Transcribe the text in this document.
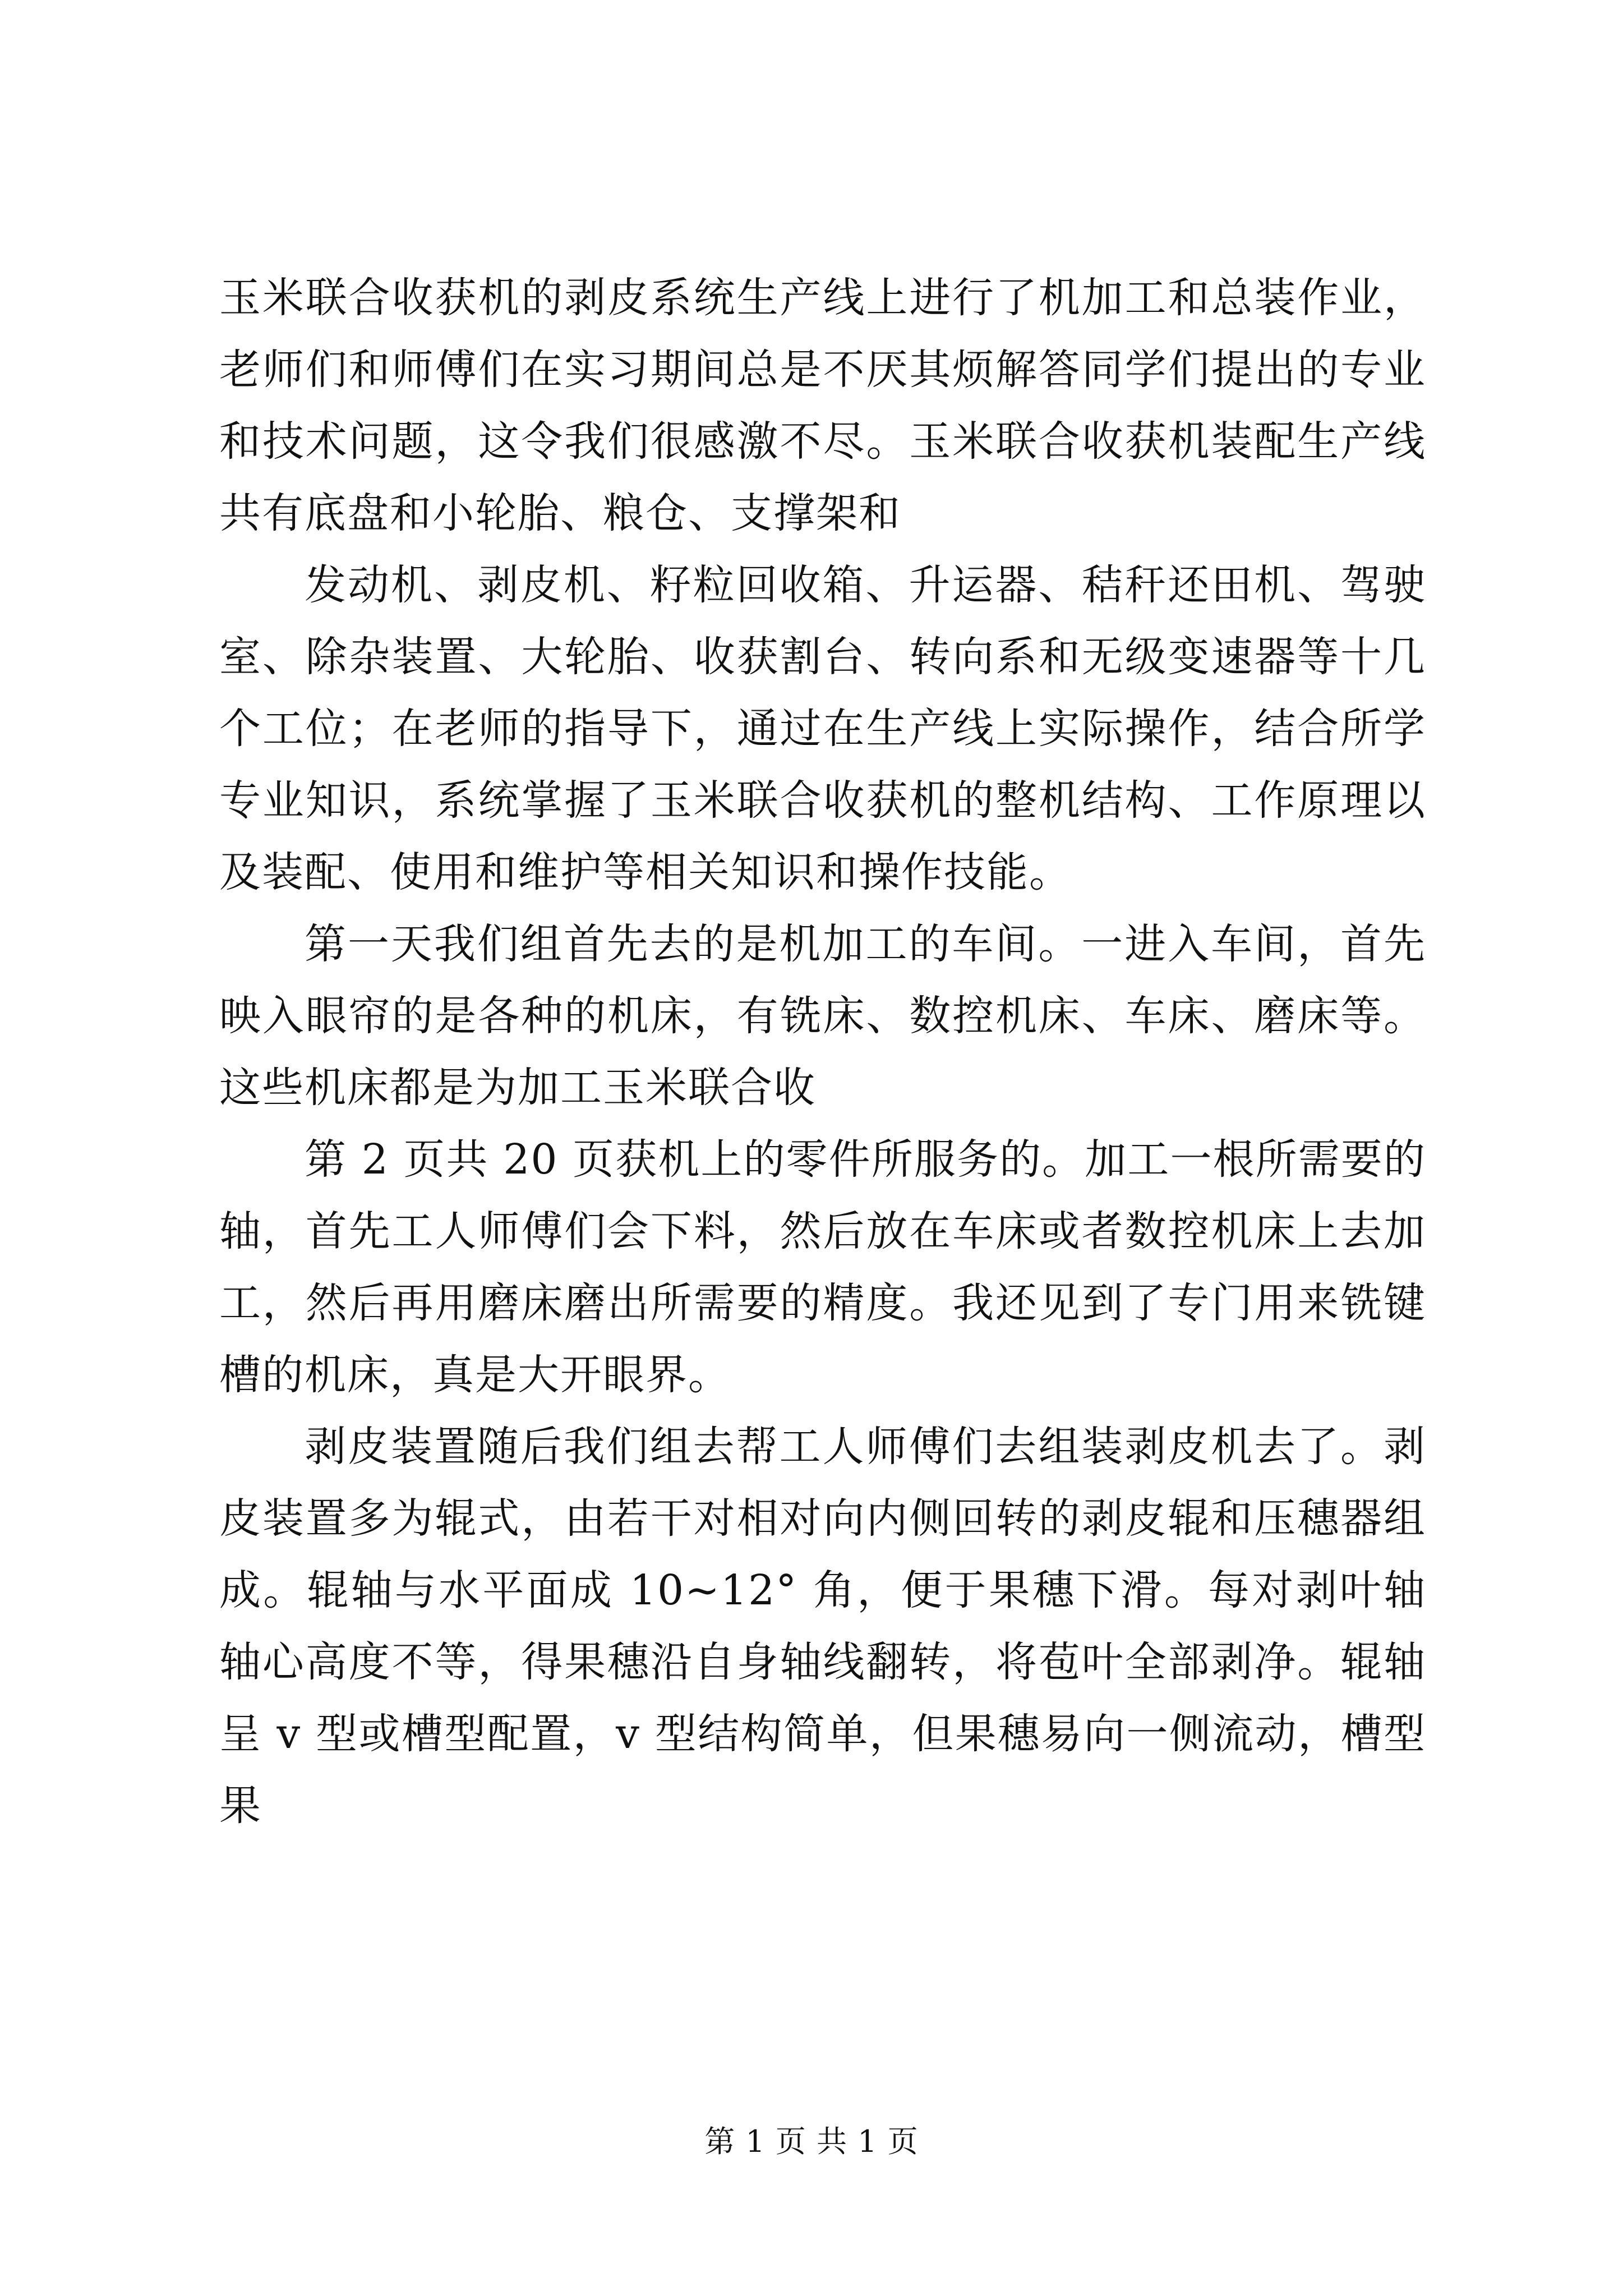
玉米联合收获机的剥皮系统生产线上进行了机加工和总装作业，老师们和师傅们在实习期间总是不厌其烦解答同学们提出的专业和技术问题，这令我们很感激不尽。玉米联合收获机装配生产线共有底盘和小轮胎、粮仓、支撑架和

发动机、剥皮机、籽粒回收箱、升运器、秸秆还田机、驾驶室、除杂装置、大轮胎、收获割台、转向系和无级变速器等十几个工位；在老师的指导下，通过在生产线上实际操作，结合所学专业知识，系统掌握了玉米联合收获机的整机结构、工作原理以及装配、使用和维护等相关知识和操作技能。

第一天我们组首先去的是机加工的车间。一进入车间，首先映入眼帘的是各种的机床，有铣床、数控机床、车床、磨床等。这些机床都是为加工玉米联合收

第 2 页共 20 页获机上的零件所服务的。加工一根所需要的轴，首先工人师傅们会下料，然后放在车床或者数控机床上去加工，然后再用磨床磨出所需要的精度。我还见到了专门用来铣键槽的机床，真是大开眼界。

剥皮装置随后我们组去帮工人师傅们去组装剥皮机去了。剥皮装置多为辊式，由若干对相对向内侧回转的剥皮辊和压穗器组成。辊轴与水平面成 10~12° 角，便于果穗下滑。每对剥叶轴轴心高度不等，得果穗沿自身轴线翻转，将苞叶全部剥净。辊轴呈 v 型或槽型配置，v 型结构简单，但果穗易向一侧流动，槽型果

第 1 页 共 1 页
